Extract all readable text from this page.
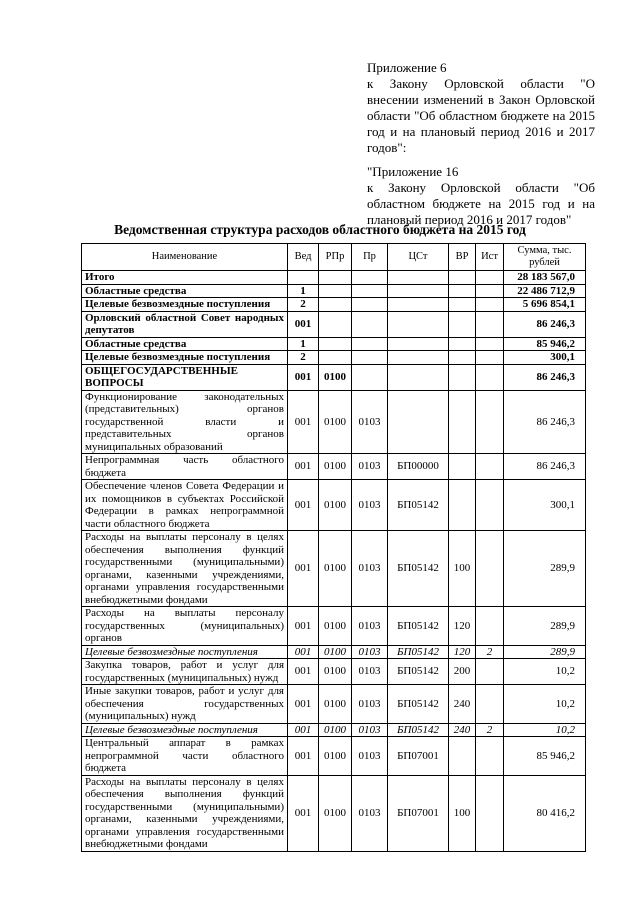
Приложение 6

к Закону Орловской области "О внесении изменений в Закон Орловской области "Об областном бюджете на 2015 год и на плановый период 2016 и 2017 годов":

"Приложение 16

к Закону Орловской области "Об областном бюджете на 2015 год и на плановый период 2016 и 2017 годов"

Ведомственная структура расходов областного бюджета на 2015 год
Наименование	Вед	РПр	Пр	ЦСт	ВР	Ист	Сумма, тыс. рублей
Итого							28 183 567,0
Областные средства	1						22 486 712,9
Целевые безвозмездные поступления	2						5 696 854,1
Орловский областной Совет народных депутатов	001						86 246,3
Областные средства	1						85 946,2
Целевые безвозмездные поступления	2						300,1
ОБЩЕГОСУДАРСТВЕННЫЕ ВОПРОСЫ	001	0100					86 246,3
Функционирование законодательных (представительных) органов государственной власти и представительных органов муниципальных образований	001	0100	0103				86 246,3
Непрограммная часть областного бюджета	001	0100	0103	БП00000			86 246,3
Обеспечение членов Совета Федерации и их помощников в субъектах Российской Федерации в рамках непрограммной части областного бюджета	001	0100	0103	БП05142			300,1
Расходы на выплаты персоналу в целях обеспечения выполнения функций государственными (муниципальными) органами, казенными учреждениями, органами управления государственными внебюджетными фондами	001	0100	0103	БП05142	100		289,9
Расходы на выплаты персоналу государственных (муниципальных) органов	001	0100	0103	БП05142	120		289,9
Целевые безвозмездные поступления	001	0100	0103	БП05142	120	2	289,9
Закупка товаров, работ и услуг для государственных (муниципальных) нужд	001	0100	0103	БП05142	200		10,2
Иные закупки товаров, работ и услуг для обеспечения государственных (муниципальных) нужд	001	0100	0103	БП05142	240		10,2
Целевые безвозмездные поступления	001	0100	0103	БП05142	240	2	10,2
Центральный аппарат в рамках непрограммной части областного бюджета	001	0100	0103	БП07001			85 946,2
Расходы на выплаты персоналу в целях обеспечения выполнения функций государственными (муниципальными) органами, казенными учреждениями, органами управления государственными внебюджетными фондами	001	0100	0103	БП07001	100		80 416,2
